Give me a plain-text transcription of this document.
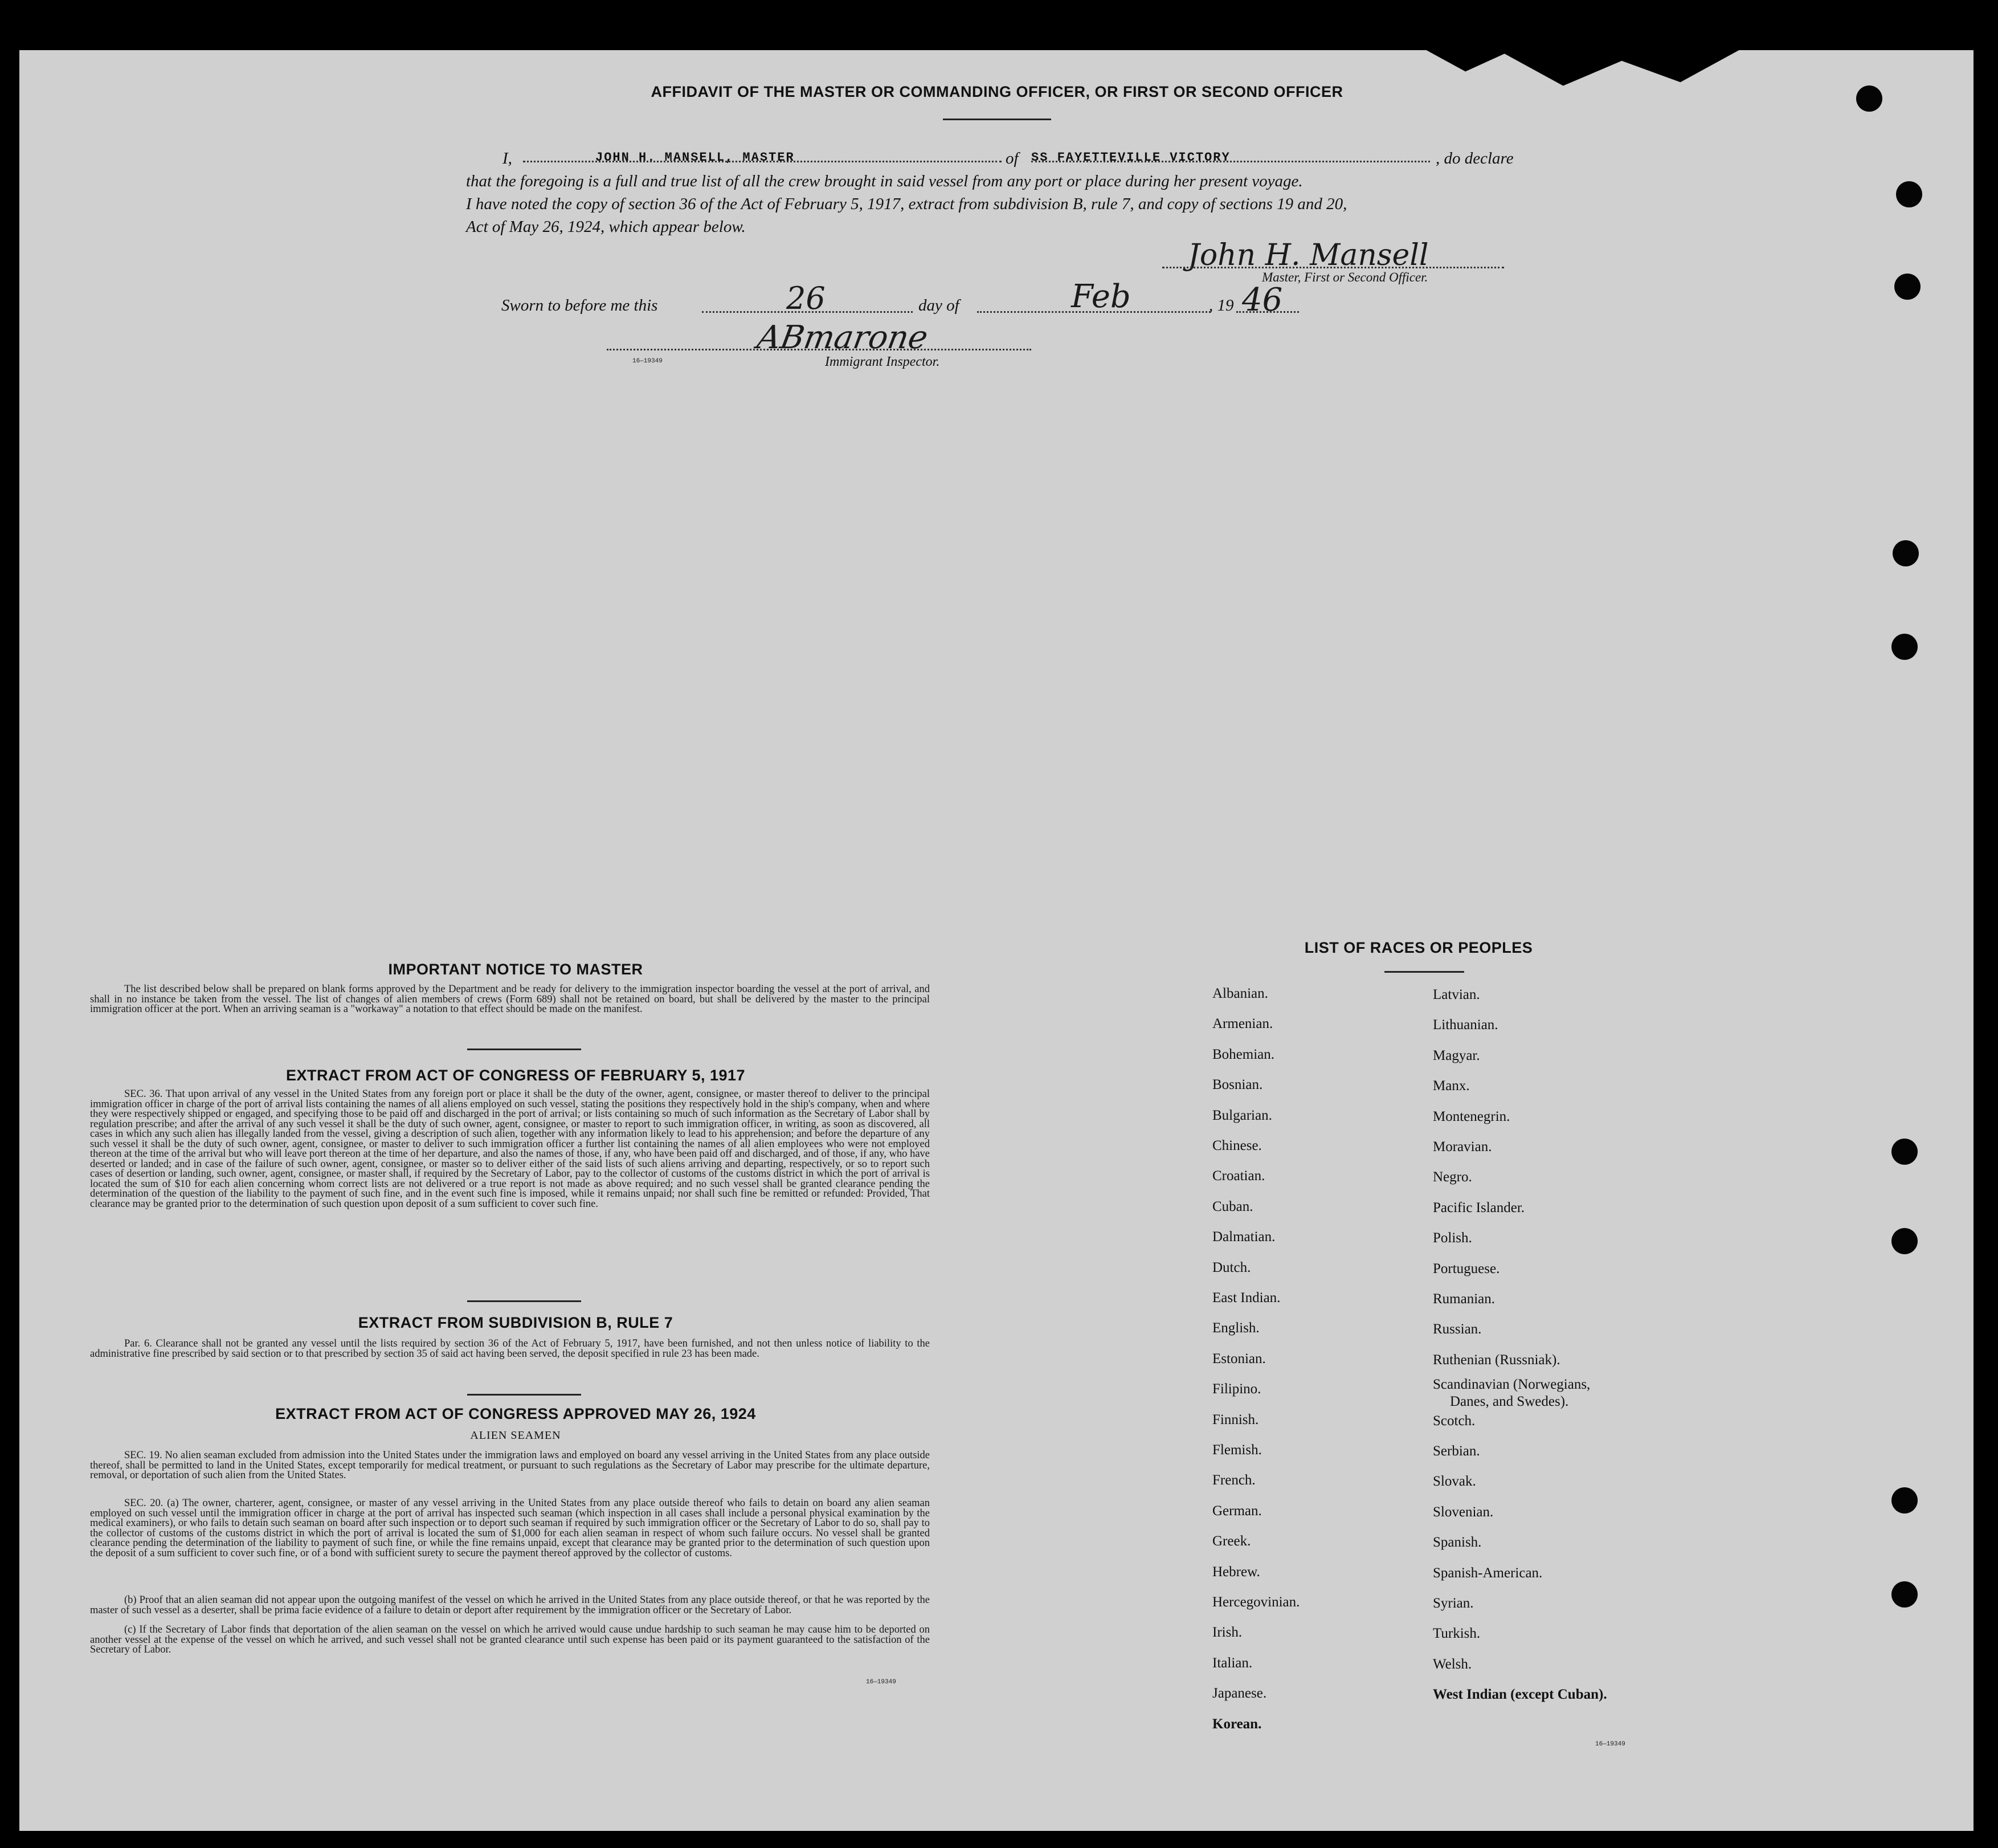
AFFIDAVIT OF THE MASTER OR COMMANDING OFFICER, OR FIRST OR SECOND OFFICER
I,	JOHN H. MANSELL, MASTER	of SS FAYETTEVILLE VICTORY	, do declare
that the foregoing is a full and true list of all the crew brought in said vessel from any port or place during her present voyage.
I have noted the copy of section 36 of the Act of February 5, 1917, extract from subdivision B, rule 7, and copy of sections 19 and 20,
Act of May 26, 1924, which appear below.
John H. Mansell
Master, First or Second Officer.
Sworn to before me this	26	day of	Feb	, 19 46
ABmarone
16—19349	Immigrant Inspector.
IMPORTANT NOTICE TO MASTER
The list described below shall be prepared on blank forms approved by the Department and be ready for delivery to the immigration inspector boarding the vessel at the port of arrival, and shall in no instance be taken from the vessel. The list of changes of alien members of crews (Form 689) shall not be retained on board, but shall be delivered by the master to the principal immigration officer at the port. When an arriving seaman is a "workaway" a notation to that effect should be made on the manifest.
EXTRACT FROM ACT OF CONGRESS OF FEBRUARY 5, 1917
SEC. 36. That upon arrival of any vessel in the United States from any foreign port or place it shall be the duty of the owner, agent, consignee, or master thereof to deliver to the principal immigration officer in charge of the port of arrival lists containing the names of all aliens employed on such vessel, stating the positions they respectively hold in the ship's company, when and where they were respectively shipped or engaged, and specifying those to be paid off and discharged in the port of arrival; or lists containing so much of such information as the Secretary of Labor shall by regulation prescribe; and after the arrival of any such vessel it shall be the duty of such owner, agent, consignee, or master to report to such immigration officer, in writing, as soon as discovered, all cases in which any such alien has illegally landed from the vessel, giving a description of such alien, together with any information likely to lead to his apprehension; and before the departure of any such vessel it shall be the duty of such owner, agent, consignee, or master to deliver to such immigration officer a further list containing the names of all alien employees who were not employed thereon at the time of the arrival but who will leave port thereon at the time of her departure, and also the names of those, if any, who have been paid off and discharged, and of those, if any, who have deserted or landed; and in case of the failure of such owner, agent, consignee, or master so to deliver either of the said lists of such aliens arriving and departing, respectively, or so to report such cases of desertion or landing, such owner, agent, consignee, or master shall, if required by the Secretary of Labor, pay to the collector of customs of the customs district in which the port of arrival is located the sum of $10 for each alien concerning whom correct lists are not delivered or a true report is not made as above required; and no such vessel shall be granted clearance pending the determination of the question of the liability to the payment of such fine, and in the event such fine is imposed, while it remains unpaid; nor shall such fine be remitted or refunded: Provided, That clearance may be granted prior to the determination of such question upon deposit of a sum sufficient to cover such fine.
EXTRACT FROM SUBDIVISION B, RULE 7
Par. 6. Clearance shall not be granted any vessel until the lists required by section 36 of the Act of February 5, 1917, have been furnished, and not then unless notice of liability to the administrative fine prescribed by said section or to that prescribed by section 35 of said act having been served, the deposit specified in rule 23 has been made.
EXTRACT FROM ACT OF CONGRESS APPROVED MAY 26, 1924
ALIEN SEAMEN
SEC. 19. No alien seaman excluded from admission into the United States under the immigration laws and employed on board any vessel arriving in the United States from any place outside thereof, shall be permitted to land in the United States, except temporarily for medical treatment, or pursuant to such regulations as the Secretary of Labor may prescribe for the ultimate departure, removal, or deportation of such alien from the United States.
SEC. 20. (a) The owner, charterer, agent, consignee, or master of any vessel arriving in the United States from any place outside thereof who fails to detain on board any alien seaman employed on such vessel until the immigration officer in charge at the port of arrival has inspected such seaman (which inspection in all cases shall include a personal physical examination by the medical examiners), or who fails to detain such seaman on board after such inspection or to deport such seaman if required by such immigration officer or the Secretary of Labor to do so, shall pay to the collector of customs of the customs district in which the port of arrival is located the sum of $1,000 for each alien seaman in respect of whom such failure occurs. No vessel shall be granted clearance pending the determination of the liability to payment of such fine, or while the fine remains unpaid, except that clearance may be granted prior to the determination of such question upon the deposit of a sum sufficient to cover such fine, or of a bond with sufficient surety to secure the payment thereof approved by the collector of customs.
(b) Proof that an alien seaman did not appear upon the outgoing manifest of the vessel on which he arrived in the United States from any place outside thereof, or that he was reported by the master of such vessel as a deserter, shall be prima facie evidence of a failure to detain or deport after requirement by the immigration officer or the Secretary of Labor.
(c) If the Secretary of Labor finds that deportation of the alien seaman on the vessel on which he arrived would cause undue hardship to such seaman he may cause him to be deported on another vessel at the expense of the vessel on which he arrived, and such vessel shall not be granted clearance until such expense has been paid or its payment guaranteed to the satisfaction of the Secretary of Labor.
16—19349
LIST OF RACES OR PEOPLES
16—19349
Albanian.
Armenian.
Bohemian.
Bosnian.
Bulgarian.
Chinese.
Croatian.
Cuban.
Dalmatian.
Dutch.
East Indian.
English.
Estonian.
Filipino.
Finnish.
Flemish.
French.
German.
Greek.
Hebrew.
Hercegovinian.
Irish.
Italian.
Japanese.
Korean.
Latvian.
Lithuanian.
Magyar.
Manx.
Montenegrin.
Moravian.
Negro.
Pacific Islander.
Polish.
Portuguese.
Rumanian.
Russian.
Ruthenian (Russniak).
Scandinavian (Norwegians,
Danes, and Swedes).
Scotch.
Serbian.
Slovak.
Slovenian.
Spanish.
Spanish-American.
Syrian.
Turkish.
Welsh.
West Indian (except Cuban).
